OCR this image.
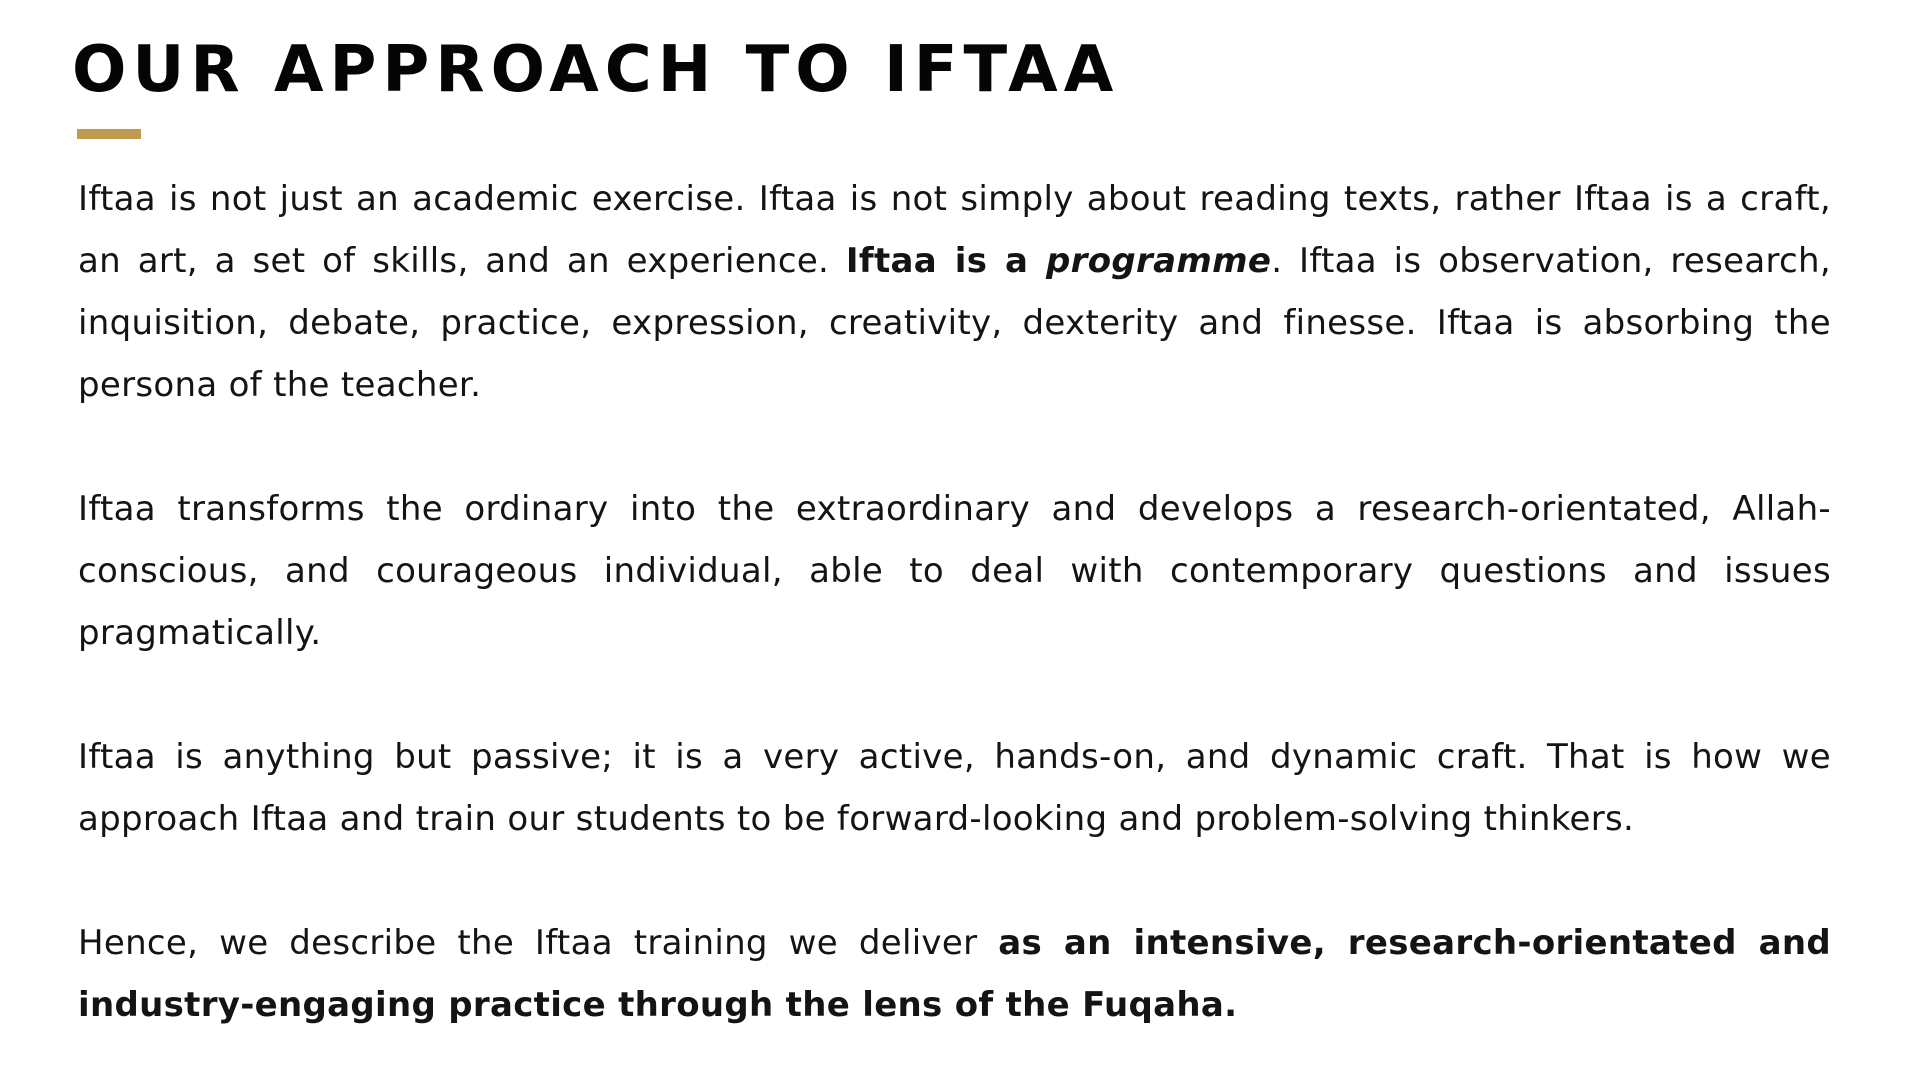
OUR APPROACH TO IFTAA

Iftaa is not just an academic exercise. Iftaa is not simply about reading texts, rather Iftaa is a craft, an art, a set of skills, and an experience. Iftaa is a programme. Iftaa is observation, research, inquisition, debate, practice, expression, creativity, dexterity and finesse. Iftaa is absorbing the persona of the teacher.

Iftaa transforms the ordinary into the extraordinary and develops a research-orientated, Allah-conscious, and courageous individual, able to deal with contemporary questions and issues pragmatically.

Iftaa is anything but passive; it is a very active, hands-on, and dynamic craft. That is how we approach Iftaa and train our students to be forward-looking and problem-solving thinkers.

Hence, we describe the Iftaa training we deliver as an intensive, research-orientated and industry-engaging practice through the lens of the Fuqaha.
